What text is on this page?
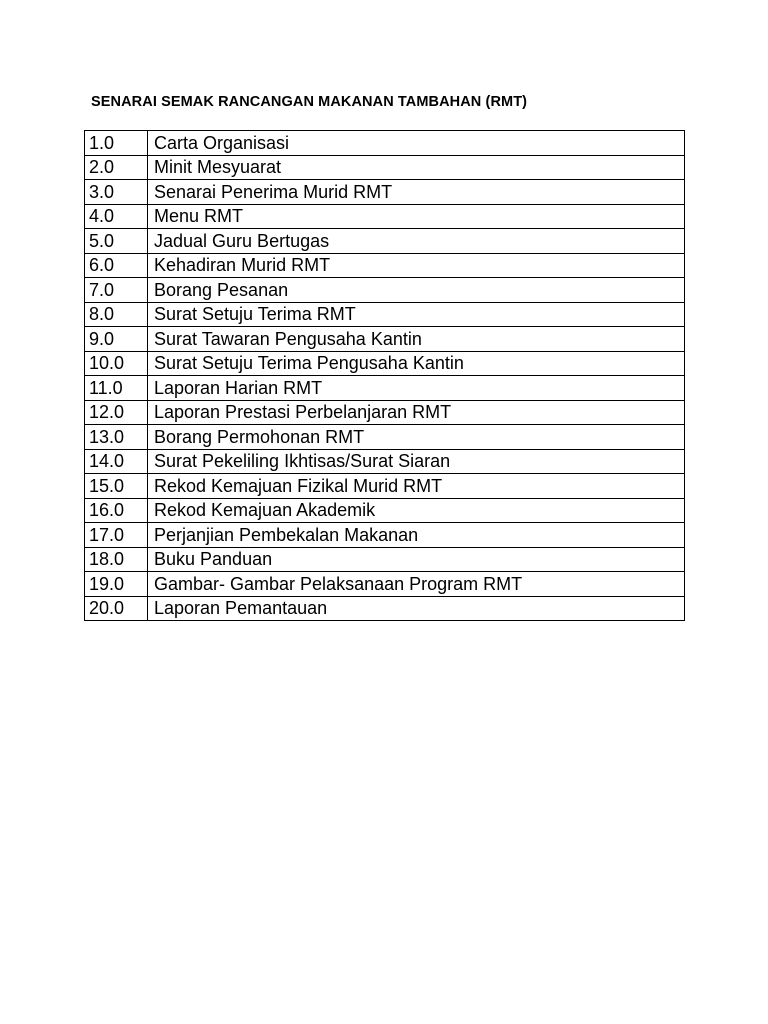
SENARAI SEMAK RANCANGAN MAKANAN TAMBAHAN (RMT)
1.0	Carta Organisasi
2.0	Minit Mesyuarat
3.0	Senarai Penerima Murid RMT
4.0	Menu RMT
5.0	Jadual Guru Bertugas
6.0	Kehadiran Murid RMT
7.0	Borang Pesanan
8.0	Surat Setuju Terima RMT
9.0	Surat Tawaran Pengusaha Kantin
10.0	Surat Setuju Terima Pengusaha Kantin
11.0	Laporan Harian RMT
12.0	Laporan Prestasi Perbelanjaran RMT
13.0	Borang Permohonan RMT
14.0	Surat Pekeliling Ikhtisas/Surat Siaran
15.0	Rekod Kemajuan Fizikal Murid RMT
16.0	Rekod Kemajuan Akademik
17.0	Perjanjian Pembekalan Makanan
18.0	Buku Panduan
19.0	Gambar- Gambar Pelaksanaan Program RMT
20.0	Laporan Pemantauan
